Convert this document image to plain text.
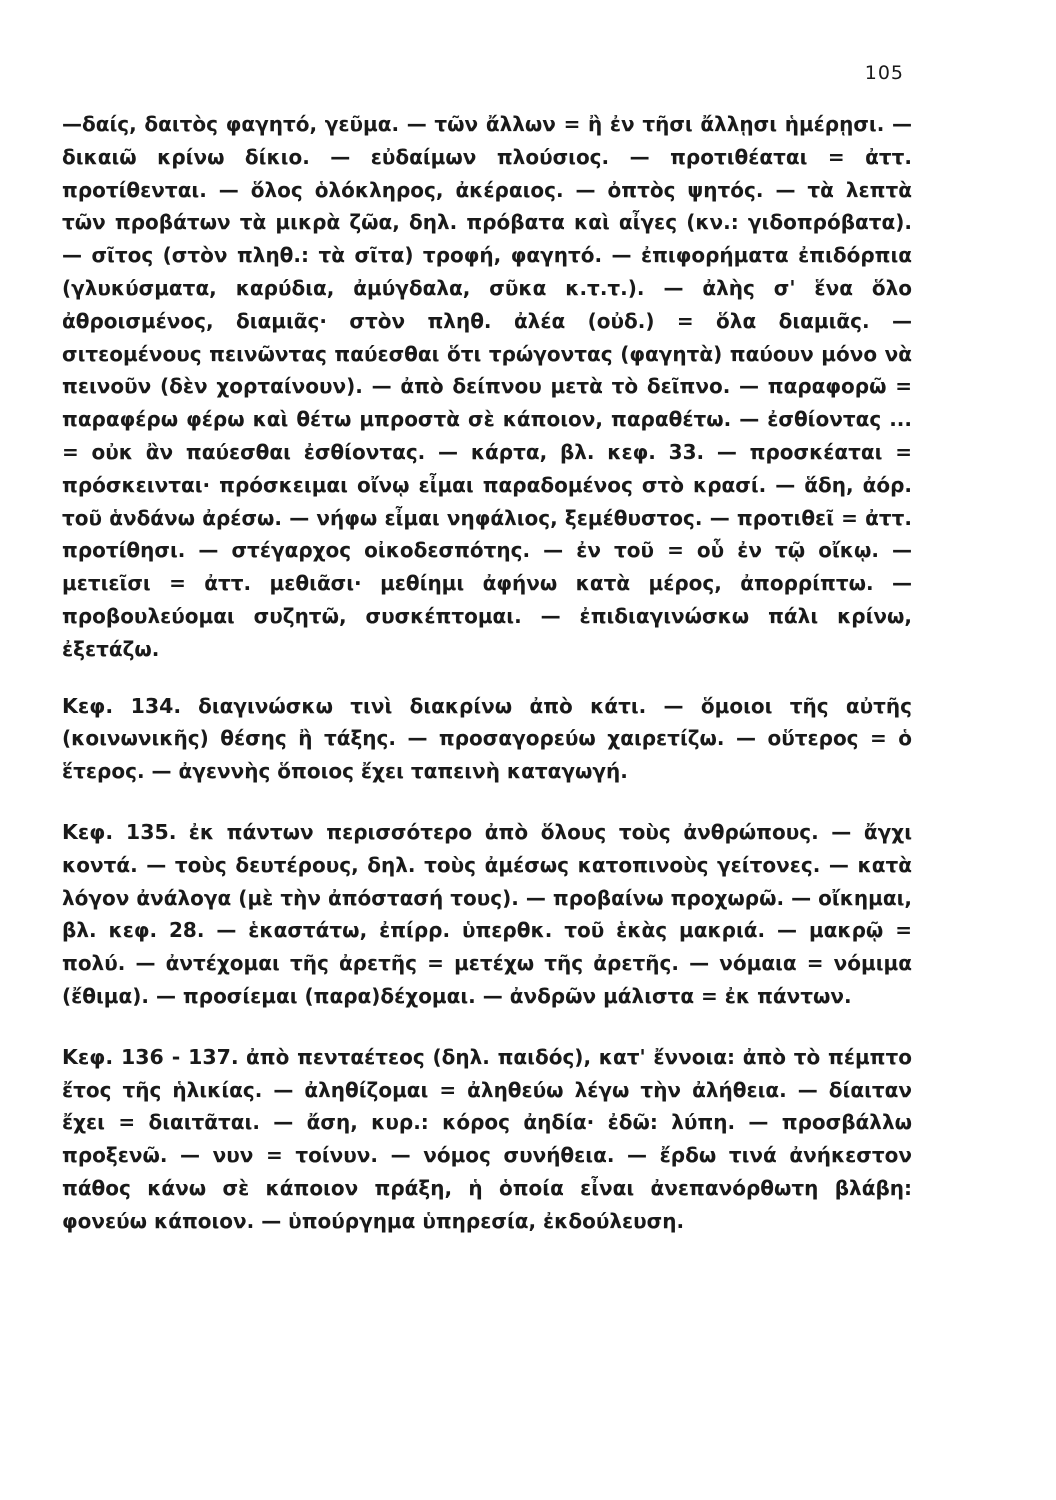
105

—δαίς, δαιτὸς φαγητό, γεῦμα. — τῶν ἄλλων = ἢ ἐν τῆσι ἄλλῃσι ἡμέρῃσι. — δικαιῶ κρίνω δίκιο. — εὐδαίμων πλούσιος. — προτιθέαται = ἀττ. προτίθενται. — ὅλος ὁλόκληρος, ἀκέραιος. — ὀπτὸς ψητός. — τὰ λεπτὰ τῶν προβάτων τὰ μικρὰ ζῶα, δηλ. πρόβατα καὶ αἶγες (κν.: γιδοπρόβατα). — σῖτος (στὸν πληθ.: τὰ σῖτα) τροφή, φαγητό. — ἐπιφορήματα ἐπιδόρπια (γλυκύσματα, καρύδια, ἀμύγδαλα, σῦκα κ.τ.τ.). — ἀλὴς σ' ἕνα ὅλο ἀθροισμένος, διαμιᾶς· στὸν πληθ. ἀλέα (οὐδ.) = ὅλα διαμιᾶς. — σιτεομένους πεινῶντας παύεσθαι ὅτι τρώγοντας (φαγητὰ) παύουν μόνο νὰ πεινοῦν (δὲν χορταίνουν). — ἀπὸ δείπνου μετὰ τὸ δεῖπνο. — παραφορῶ = παραφέρω φέρω καὶ θέτω μπροστὰ σὲ κάποιον, παραθέτω. — ἐσθίοντας ... = οὐκ ἂν παύεσθαι ἐσθίοντας. — κάρτα, βλ. κεφ. 33. — προσκέαται = πρόσκεινται· πρόσκειμαι οἴνῳ εἶμαι παραδομένος στὸ κρασί. — ἅδη, ἀόρ. τοῦ ἁνδάνω ἀρέσω. — νήφω εἶμαι νηφάλιος, ξεμέθυστος. — προτιθεῖ = ἀττ. προτίθησι. — στέγαρχος οἰκοδεσπότης. — ἐν τοῦ = οὗ ἐν τῷ οἴκῳ. — μετιεῖσι = ἀττ. μεθιᾶσι· μεθίημι ἀφήνω κατὰ μέρος, ἀπορρίπτω. — προβουλεύομαι συζητῶ, συσκέπτομαι. — ἐπιδιαγινώσκω πάλι κρίνω, ἐξετάζω.

Κεφ. 134. διαγινώσκω τινὶ διακρίνω ἀπὸ κάτι. — ὅμοιοι τῆς αὐτῆς (κοινωνικῆς) θέσης ἢ τάξης. — προσαγορεύω χαιρετίζω. — οὕτερος = ὁ ἕτερος. — ἀγεννὴς ὅποιος ἔχει ταπεινὴ καταγωγή.

Κεφ. 135. ἐκ πάντων περισσότερο ἀπὸ ὅλους τοὺς ἀνθρώπους. — ἄγχι κοντά. — τοὺς δευτέρους, δηλ. τοὺς ἀμέσως κατοπινοὺς γείτονες. — κατὰ λόγον ἀνάλογα (μὲ τὴν ἀπόστασή τους). — προβαίνω προχωρῶ. — οἴκημαι, βλ. κεφ. 28. — ἑκαστάτω, ἐπίρρ. ὑπερθκ. τοῦ ἑκὰς μακριά. — μακρῷ = πολύ. — ἀντέχομαι τῆς ἀρετῆς = μετέχω τῆς ἀρετῆς. — νόμαια = νόμιμα (ἔθιμα). — προσίεμαι (παρα)δέχομαι. — ἀνδρῶν μάλιστα = ἐκ πάντων.

Κεφ. 136 - 137. ἀπὸ πενταέτεος (δηλ. παιδός), κατ' ἔννοια: ἀπὸ τὸ πέμπτο ἔτος τῆς ἡλικίας. — ἀληθίζομαι = ἀληθεύω λέγω τὴν ἀλήθεια. — δίαιταν ἔχει = διαιτᾶται. — ἄση, κυρ.: κόρος ἀηδία· ἐδῶ: λύπη. — προσβάλλω προξενῶ. — νυν = τοίνυν. — νόμος συνήθεια. — ἔρδω τινά ἀνήκεστον πάθος κάνω σὲ κάποιον πράξη, ἡ ὁποία εἶναι ἀνεπανόρθωτη βλάβη: φονεύω κάποιον. — ὑπούργημα ὑπηρεσία, ἐκδούλευση.
